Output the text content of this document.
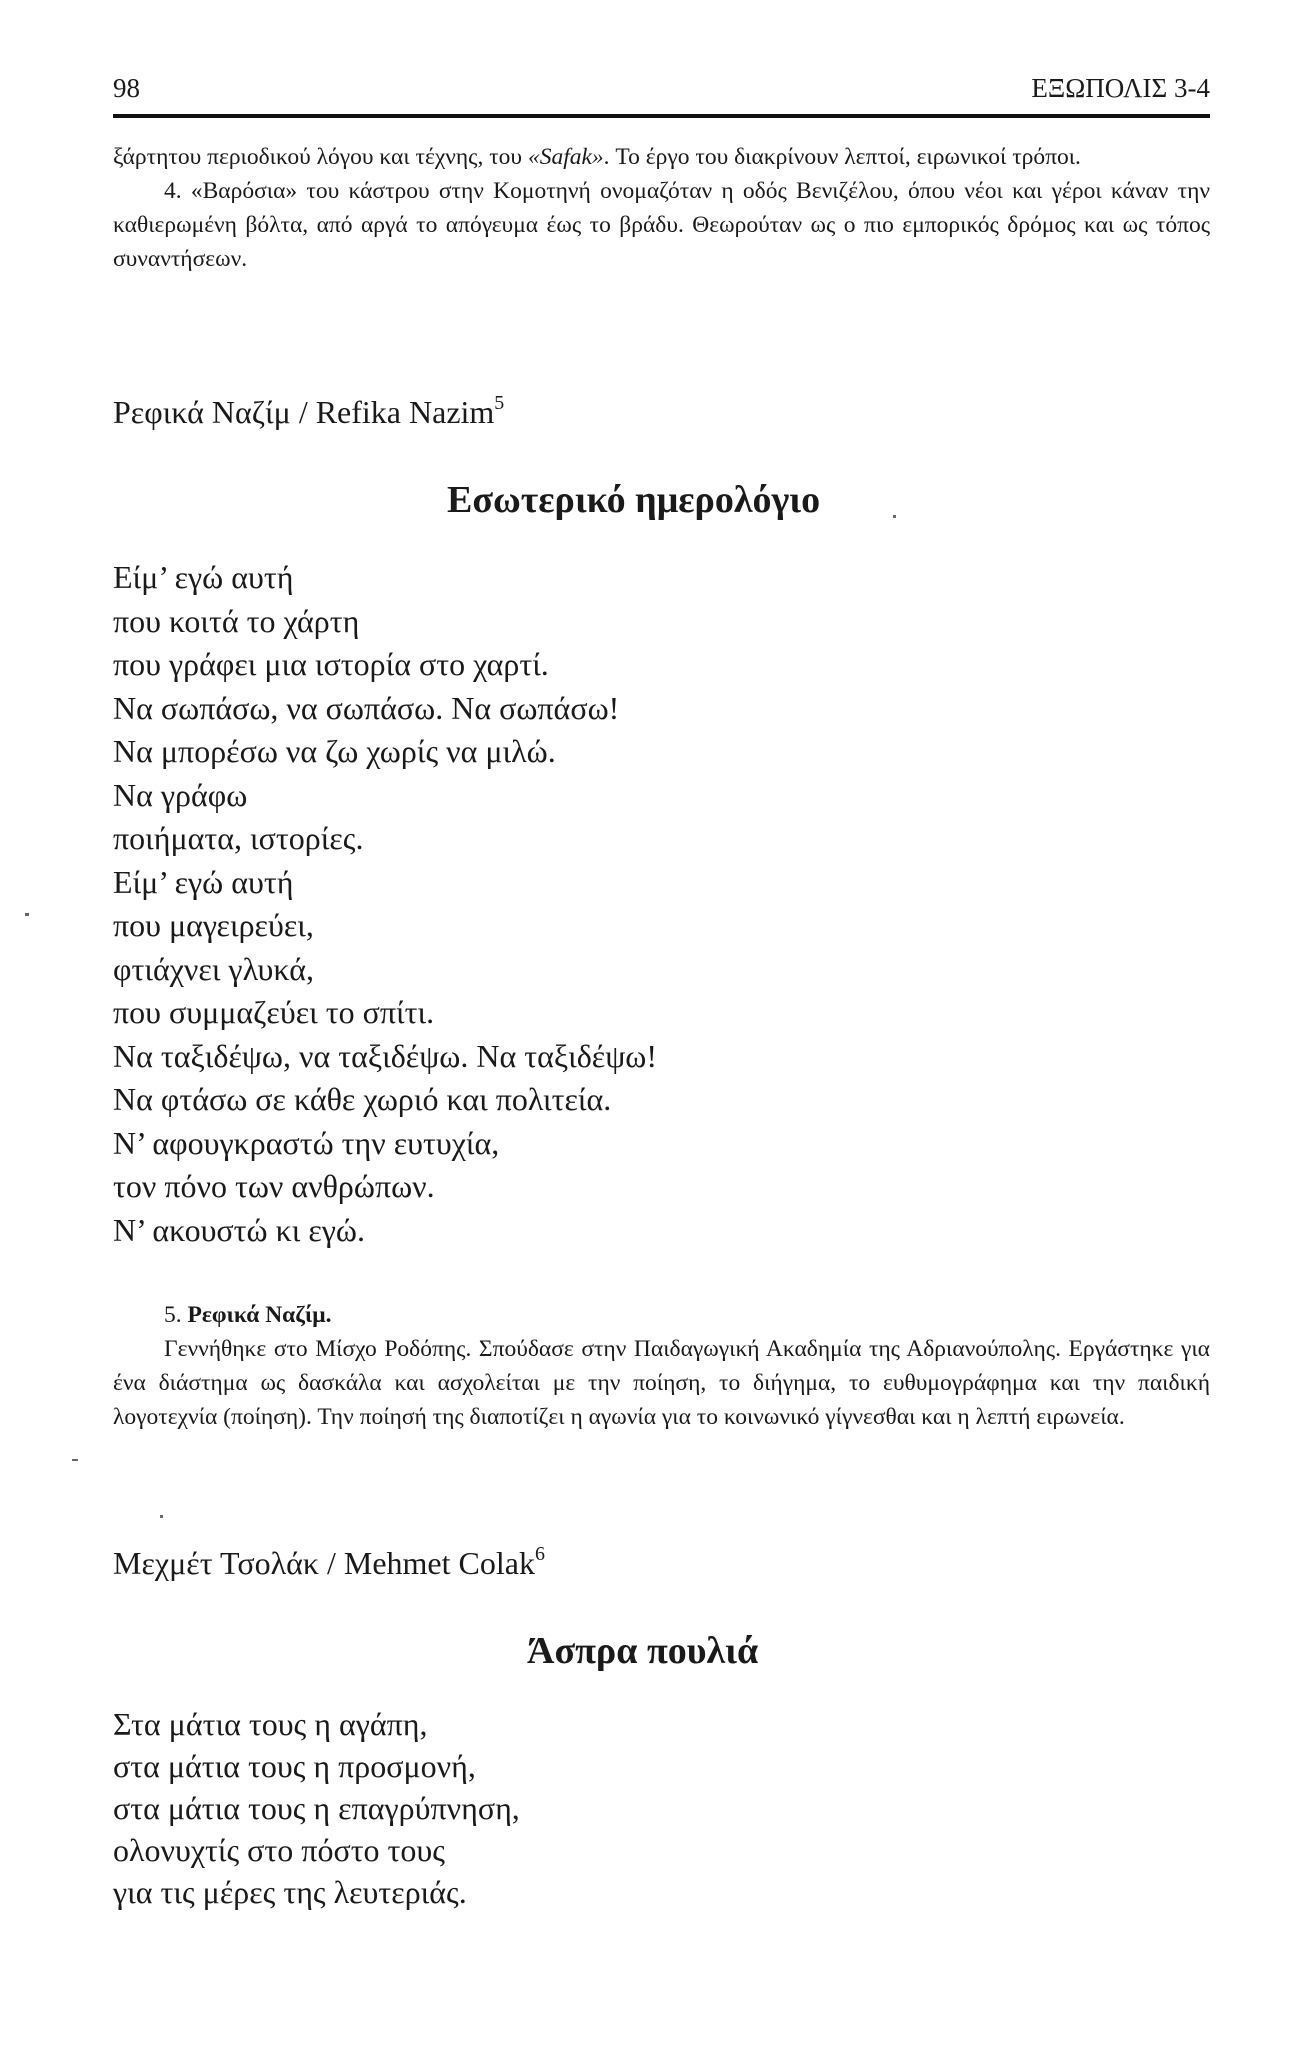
98	ΕΞΩΠΟΛΙΣ 3-4

ξάρτητου περιοδικού λόγου και τέχνης, του «Safak». Το έργο του διακρίνουν λεπτοί, ειρωνικοί τρόποι.

4. «Βαρόσια» του κάστρου στην Κομοτηνή ονομαζόταν η οδός Βενιζέλου, όπου νέοι και γέροι κάναν την καθιερωμένη βόλτα, από αργά το απόγευμα έως το βράδυ. Θεωρούταν ως ο πιο εμπορικός δρόμος και ως τόπος συναντήσεων.

Ρεφικά Ναζίμ / Refika Nazim$^5$
Εσωτερικό ημερολόγιο
Είμ’ εγώ αυτή
που κοιτά το χάρτη
που γράφει μια ιστορία στο χαρτί.
Να σωπάσω, να σωπάσω. Να σωπάσω!
Να μπορέσω να ζω χωρίς να μιλώ.
Να γράφω
ποιήματα, ιστορίες.
Είμ’ εγώ αυτή
που μαγειρεύει,
φτιάχνει γλυκά,
που συμμαζεύει το σπίτι.
Να ταξιδέψω, να ταξιδέψω. Να ταξιδέψω!
Να φτάσω σε κάθε χωριό και πολιτεία.
Ν’ αφουγκραστώ την ευτυχία,
τον πόνο των ανθρώπων.
Ν’ ακουστώ κι εγώ.

5. Ρεφικά Ναζίμ.

Γεννήθηκε στο Μίσχο Ροδόπης. Σπούδασε στην Παιδαγωγική Ακαδημία της Αδριανούπολης. Εργάστηκε για ένα διάστημα ως δασκάλα και ασχολείται με την ποίηση, το διήγημα, το ευθυμογράφημα και την παιδική λογοτεχνία (ποίηση). Την ποίησή της διαποτίζει η αγωνία για το κοινωνικό γίγνεσθαι και η λεπτή ειρωνεία.

Μεχμέτ Τσολάκ / Mehmet Colak$^6$
Άσπρα πουλιά
Στα μάτια τους η αγάπη,
στα μάτια τους η προσμονή,
στα μάτια τους η επαγρύπνηση,
ολονυχτίς στο πόστο τους
για τις μέρες της λευτεριάς.
